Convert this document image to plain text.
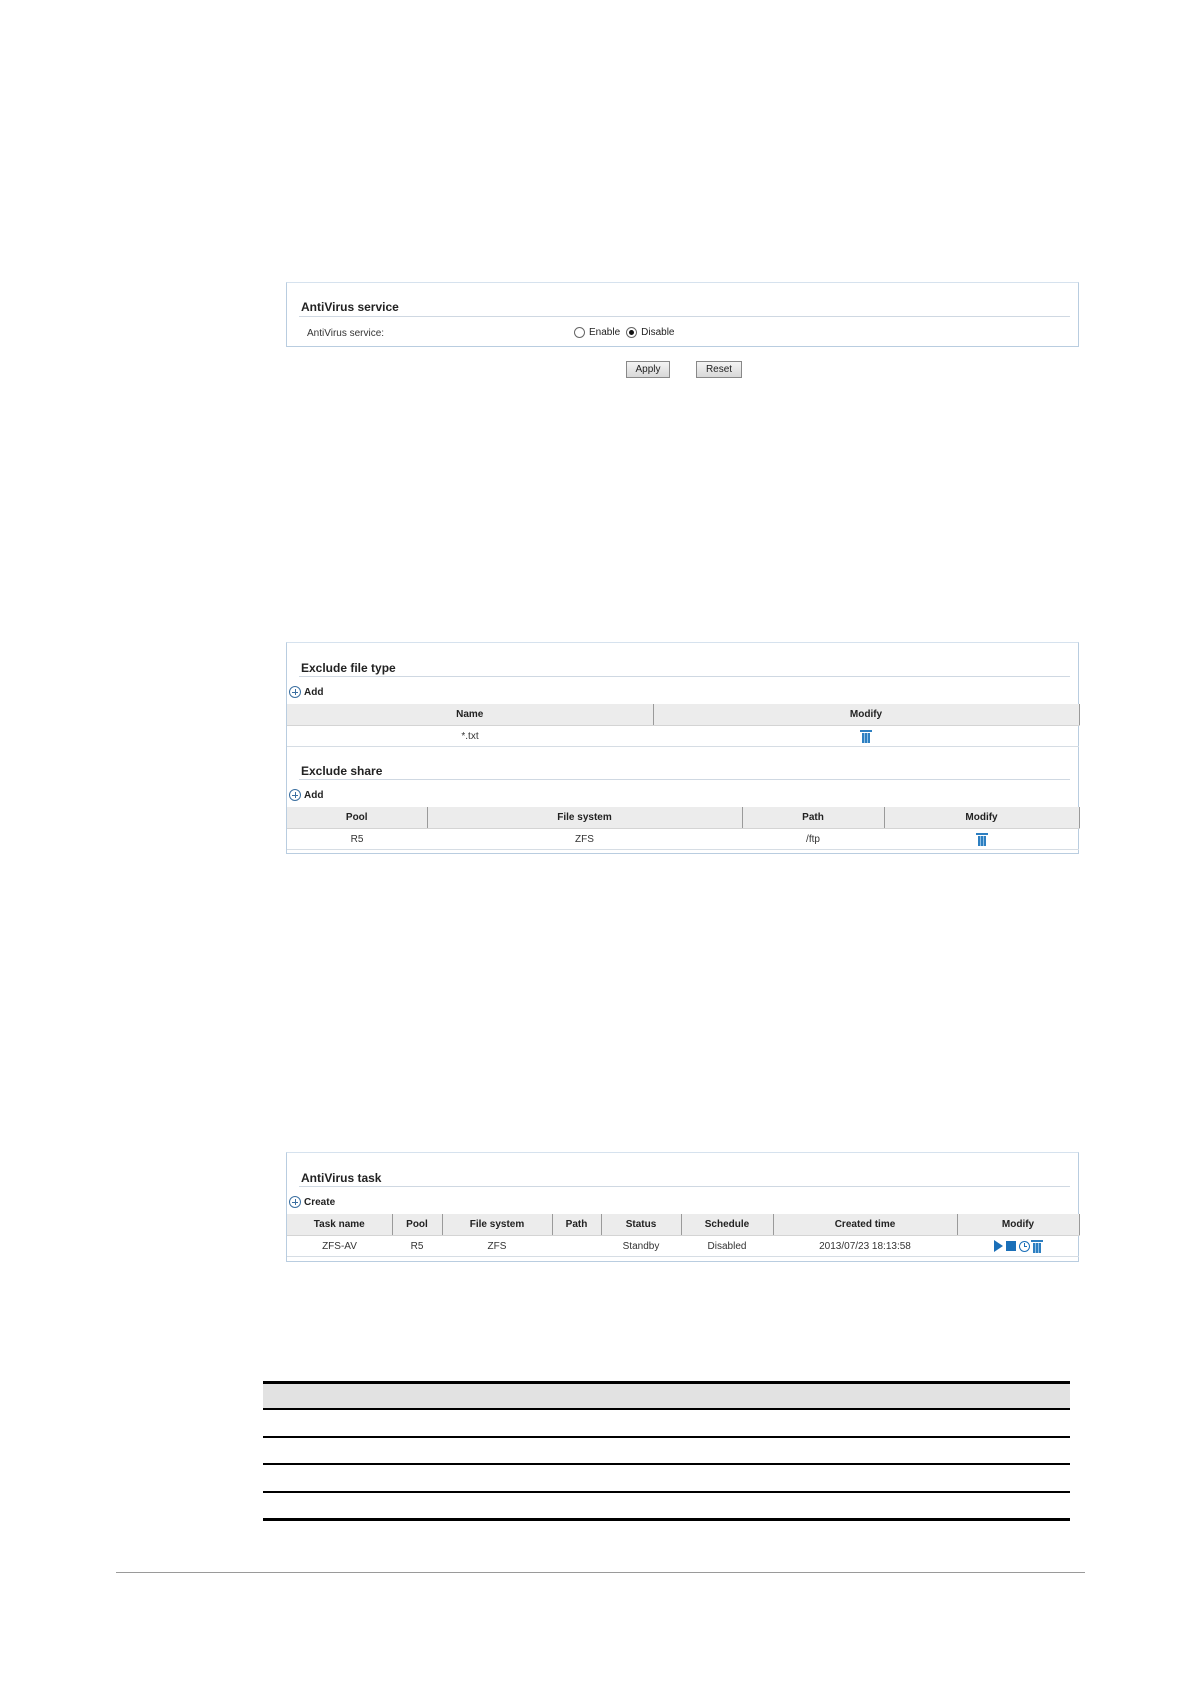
AntiVirus service
AntiVirus service:	Enable Disable
Apply	Reset
Exclude file type
Add
Name	Modify
*.txt	
Exclude share
Add
Pool	File system	Path	Modify
R5	ZFS	/ftp	
AntiVirus task
Create
Task name	Pool	File system	Path	Status	Schedule	Created time	Modify
ZFS-AV	R5	ZFS		Standby	Disabled	2013/07/23 18:13:58	
